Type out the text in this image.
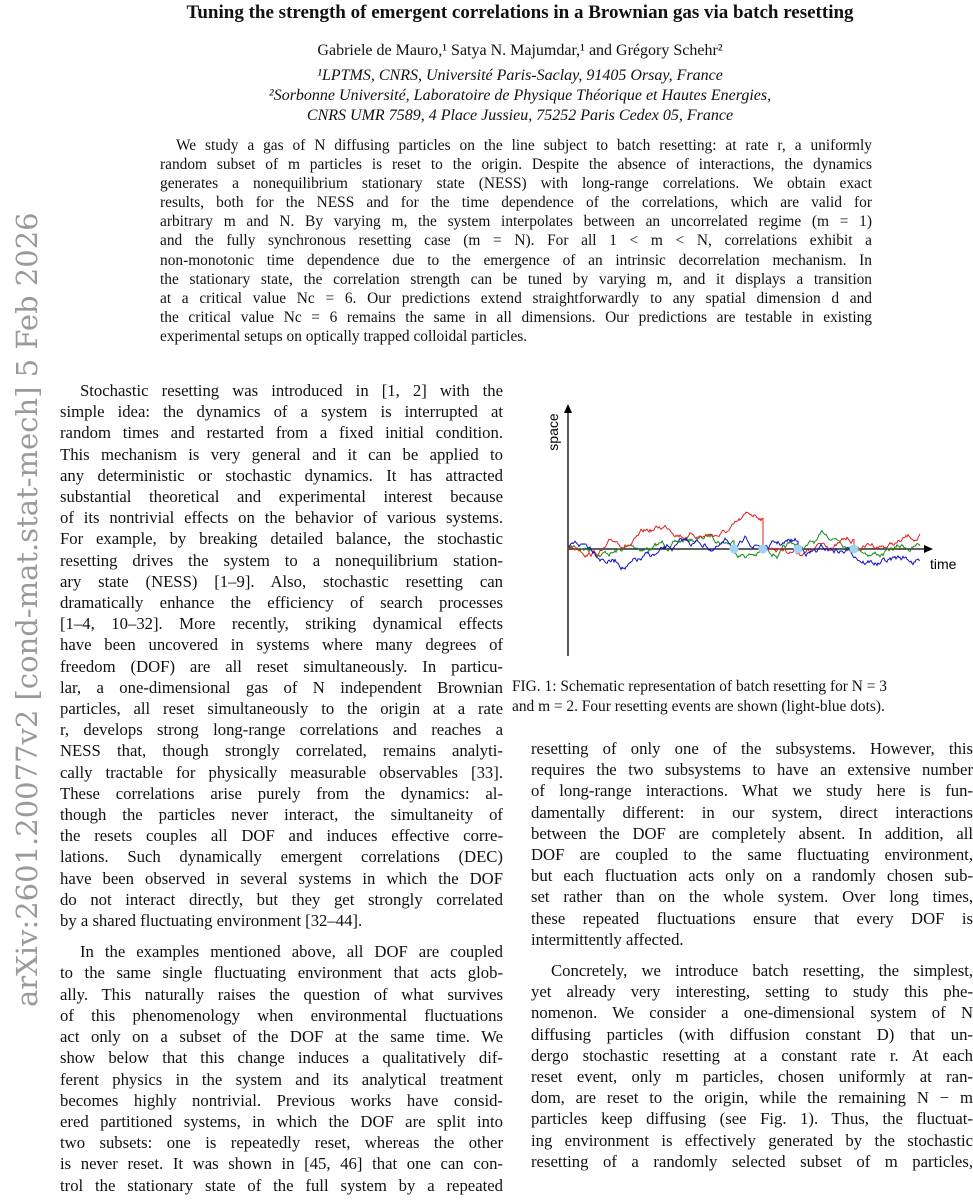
arXiv:2601.20077v2 [cond-mat.stat-mech] 5 Feb 2026
Tuning the strength of emergent correlations in a Brownian gas via batch resetting
Gabriele de Mauro,¹ Satya N. Majumdar,¹ and Grégory Schehr²
¹LPTMS, CNRS, Université Paris-Saclay, 91405 Orsay, France
²Sorbonne Université, Laboratoire de Physique Théorique et Hautes Energies,
CNRS UMR 7589, 4 Place Jussieu, 75252 Paris Cedex 05, France
We study a gas of N diffusing particles on the line subject to batch resetting: at rate r, a uniformly
random subset of m particles is reset to the origin. Despite the absence of interactions, the dynamics
generates a nonequilibrium stationary state (NESS) with long-range correlations. We obtain exact
results, both for the NESS and for the time dependence of the correlations, which are valid for
arbitrary m and N. By varying m, the system interpolates between an uncorrelated regime (m = 1)
and the fully synchronous resetting case (m = N). For all 1 < m < N, correlations exhibit a
non-monotonic time dependence due to the emergence of an intrinsic decorrelation mechanism. In
the stationary state, the correlation strength can be tuned by varying m, and it displays a transition
at a critical value Nc = 6. Our predictions extend straightforwardly to any spatial dimension d and
the critical value Nc = 6 remains the same in all dimensions. Our predictions are testable in existing
experimental setups on optically trapped colloidal particles.
Stochastic resetting was introduced in [1, 2] with the
simple idea: the dynamics of a system is interrupted at
random times and restarted from a fixed initial condition.
This mechanism is very general and it can be applied to
any deterministic or stochastic dynamics. It has attracted
substantial theoretical and experimental interest because
of its nontrivial effects on the behavior of various systems.
For example, by breaking detailed balance, the stochastic
resetting drives the system to a nonequilibrium station-
ary state (NESS) [1–9]. Also, stochastic resetting can
dramatically enhance the efficiency of search processes
[1–4, 10–32]. More recently, striking dynamical effects
have been uncovered in systems where many degrees of
freedom (DOF) are all reset simultaneously. In particu-
lar, a one-dimensional gas of N independent Brownian
particles, all reset simultaneously to the origin at a rate
r, develops strong long-range correlations and reaches a
NESS that, though strongly correlated, remains analyti-
cally tractable for physically measurable observables [33].
These correlations arise purely from the dynamics: al-
though the particles never interact, the simultaneity of
the resets couples all DOF and induces effective corre-
lations. Such dynamically emergent correlations (DEC)
have been observed in several systems in which the DOF
do not interact directly, but they get strongly correlated
by a shared fluctuating environment [32–44].
In the examples mentioned above, all DOF are coupled
to the same single fluctuating environment that acts glob-
ally. This naturally raises the question of what survives
of this phenomenology when environmental fluctuations
act only on a subset of the DOF at the same time. We
show below that this change induces a qualitatively dif-
ferent physics in the system and its analytical treatment
becomes highly nontrivial. Previous works have consid-
ered partitioned systems, in which the DOF are split into
two subsets: one is repeatedly reset, whereas the other
is never reset. It was shown in [45, 46] that one can con-
trol the stationary state of the full system by a repeated
space
time
FIG. 1: Schematic representation of batch resetting for N = 3
and m = 2. Four resetting events are shown (light-blue dots).
resetting of only one of the subsystems. However, this
requires the two subsystems to have an extensive number
of long-range interactions. What we study here is fun-
damentally different: in our system, direct interactions
between the DOF are completely absent. In addition, all
DOF are coupled to the same fluctuating environment,
but each fluctuation acts only on a randomly chosen sub-
set rather than on the whole system. Over long times,
these repeated fluctuations ensure that every DOF is
intermittently affected.
Concretely, we introduce batch resetting, the simplest,
yet already very interesting, setting to study this phe-
nomenon. We consider a one-dimensional system of N
diffusing particles (with diffusion constant D) that un-
dergo stochastic resetting at a constant rate r. At each
reset event, only m particles, chosen uniformly at ran-
dom, are reset to the origin, while the remaining N − m
particles keep diffusing (see Fig. 1). Thus, the fluctuat-
ing environment is effectively generated by the stochastic
resetting of a randomly selected subset of m particles,
